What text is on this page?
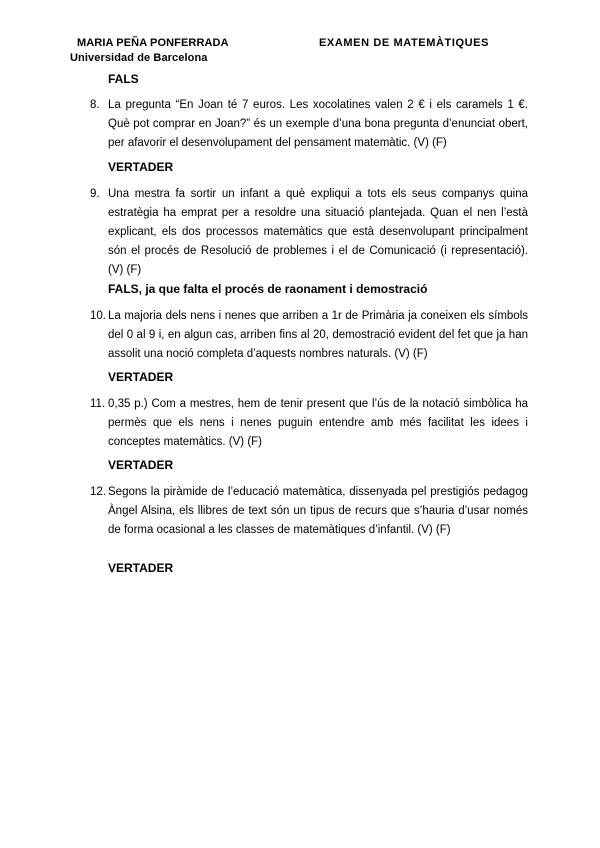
MARIA PEÑA PONFERRADA
Universidad de Barcelona
EXAMEN DE MATEMÀTIQUES
FALS
8. La pregunta “En Joan té 7 euros. Les xocolatines valen 2 € i els caramels 1 €. Què pot comprar en Joan?” és un exemple d’una bona pregunta d’enunciat obert, per afavorir el desenvolupament del pensament matemàtic. (V) (F)
VERTADER
9. Una mestra fa sortir un infant a què expliqui a tots els seus companys quina estratègia ha emprat per a resoldre una situació plantejada. Quan el nen l’està explicant, els dos processos matemàtics que està desenvolupant principalment són el procés de Resolució de problemes i el de Comunicació (i representació). (V) (F)
FALS, ja que falta el procés de raonament i demostració
10. La majoria dels nens i nenes que arriben a 1r de Primària ja coneixen els símbols del 0 al 9 i, en algun cas, arriben fins al 20, demostració evident del fet que ja han assolit una noció completa d’aquests nombres naturals. (V) (F)
VERTADER
11. 0,35 p.) Com a mestres, hem de tenir present que l’ús de la notació simbòlica ha permès que els nens i nenes puguin entendre amb més facilitat les idees i conceptes matemàtics. (V) (F)
VERTADER
12. Segons la piràmide de l’educació matemàtica, dissenyada pel prestigiós pedagog Àngel Alsina, els llibres de text són un tipus de recurs que s’hauria d’usar només de forma ocasional a les classes de matemàtiques d’infantil. (V) (F)
VERTADER
